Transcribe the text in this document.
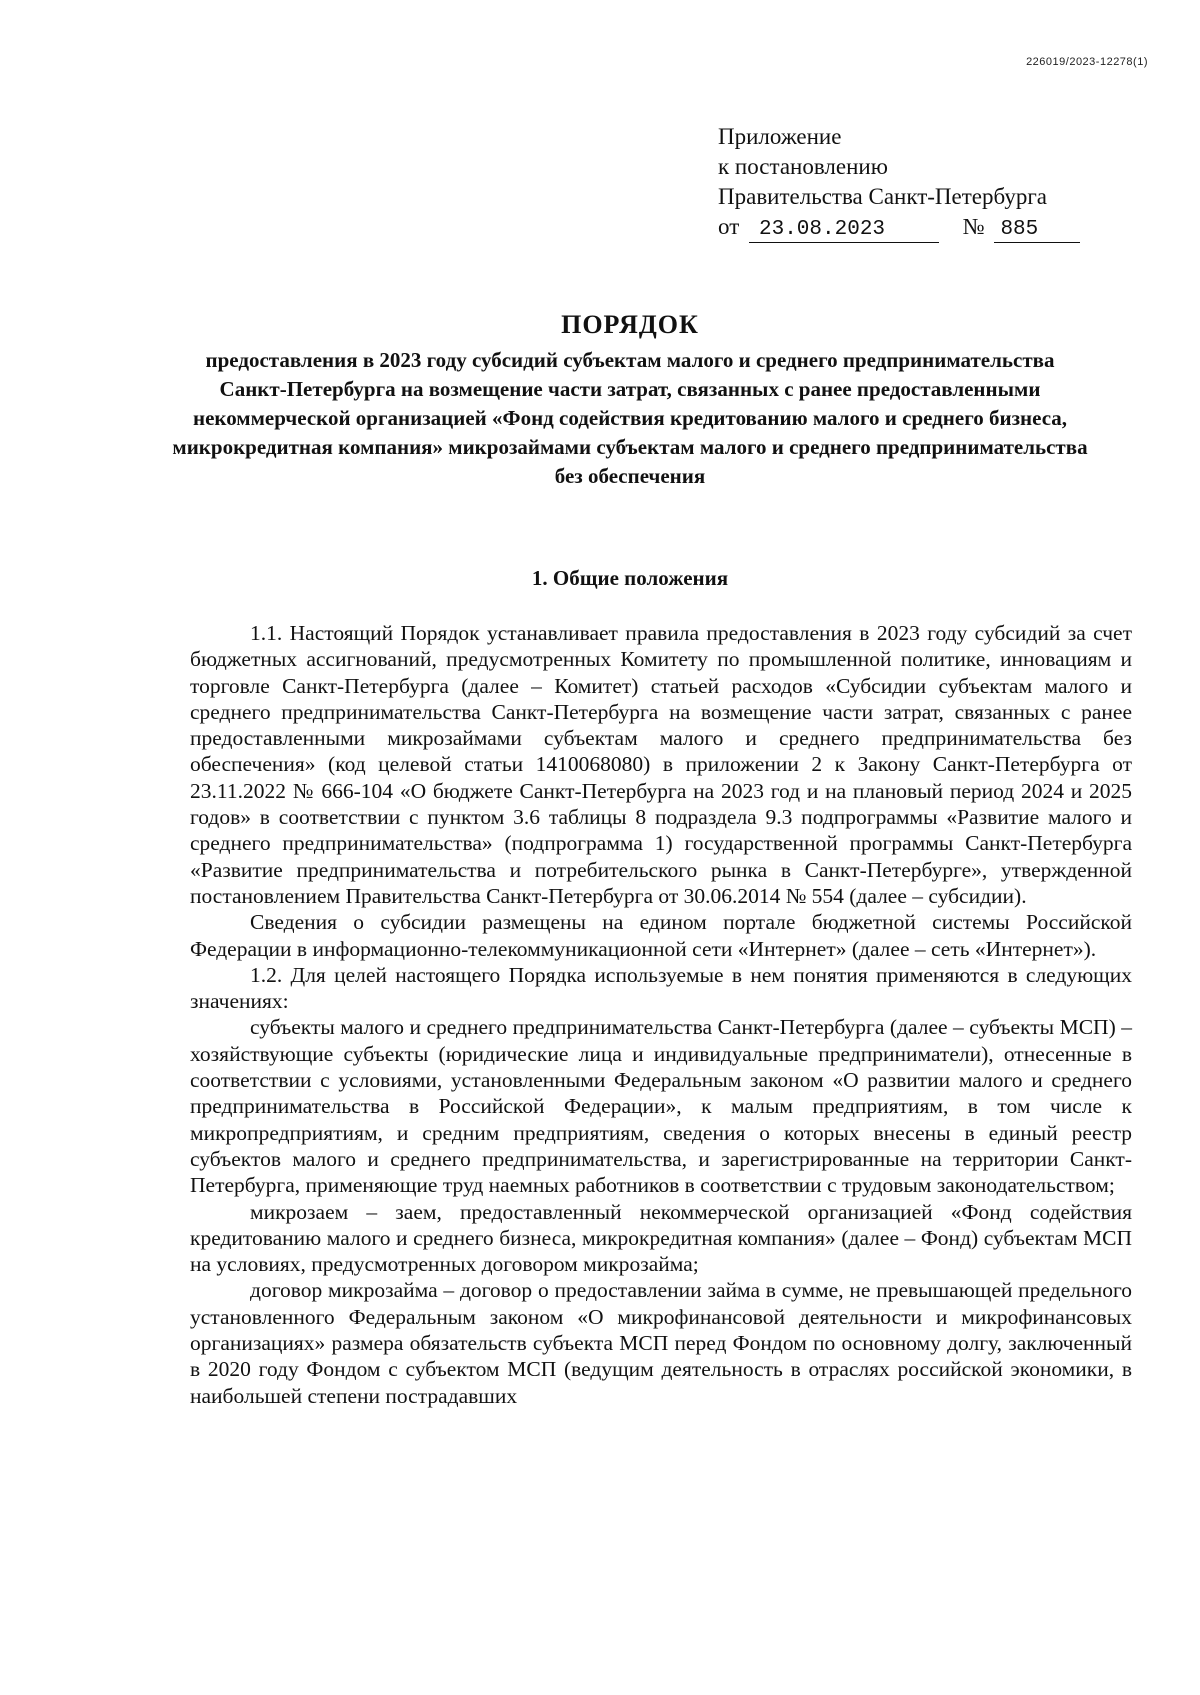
226019/2023-12278(1)
Приложение
к постановлению
Правительства Санкт-Петербурга
от 23.08.2023	№ 885
ПОРЯДОК
предоставления в 2023 году субсидий субъектам малого и среднего предпринимательства Санкт-Петербурга на возмещение части затрат, связанных с ранее предоставленными некоммерческой организацией «Фонд содействия кредитованию малого и среднего бизнеса, микрокредитная компания» микрозаймами субъектам малого и среднего предпринимательства без обеспечения
1. Общие положения

1.1. Настоящий Порядок устанавливает правила предоставления в 2023 году субсидий за счет бюджетных ассигнований, предусмотренных Комитету по промышленной политике, инновациям и торговле Санкт-Петербурга (далее – Комитет) статьей расходов «Субсидии субъектам малого и среднего предпринимательства Санкт-Петербурга на возмещение части затрат, связанных с ранее предоставленными микрозаймами субъектам малого и среднего предпринимательства без обеспечения» (код целевой статьи 1410068080) в приложении 2 к Закону Санкт-Петербурга от 23.11.2022 № 666-104 «О бюджете Санкт-Петербурга на 2023 год и на плановый период 2024 и 2025 годов» в соответствии с пунктом 3.6 таблицы 8 подраздела 9.3 подпрограммы «Развитие малого и среднего предпринимательства» (подпрограмма 1) государственной программы Санкт-Петербурга «Развитие предпринимательства и потребительского рынка в Санкт-Петербурге», утвержденной постановлением Правительства Санкт-Петербурга от 30.06.2014 № 554 (далее – субсидии).

Сведения о субсидии размещены на едином портале бюджетной системы Российской Федерации в информационно-телекоммуникационной сети «Интернет» (далее – сеть «Интернет»).

1.2. Для целей настоящего Порядка используемые в нем понятия применяются в следующих значениях:

субъекты малого и среднего предпринимательства Санкт-Петербурга (далее – субъекты МСП) – хозяйствующие субъекты (юридические лица и индивидуальные предприниматели), отнесенные в соответствии с условиями, установленными Федеральным законом «О развитии малого и среднего предпринимательства в Российской Федерации», к малым предприятиям, в том числе к микропредприятиям, и средним предприятиям, сведения о которых внесены в единый реестр субъектов малого и среднего предпринимательства, и зарегистрированные на территории Санкт-Петербурга, применяющие труд наемных работников в соответствии с трудовым законодательством;

микрозаем – заем, предоставленный некоммерческой организацией «Фонд содействия кредитованию малого и среднего бизнеса, микрокредитная компания» (далее – Фонд) субъектам МСП на условиях, предусмотренных договором микрозайма;

договор микрозайма – договор о предоставлении займа в сумме, не превышающей предельного установленного Федеральным законом «О микрофинансовой деятельности и микрофинансовых организациях» размера обязательств субъекта МСП перед Фондом по основному долгу, заключенный в 2020 году Фондом с субъектом МСП (ведущим деятельность в отраслях российской экономики, в наибольшей степени пострадавших
